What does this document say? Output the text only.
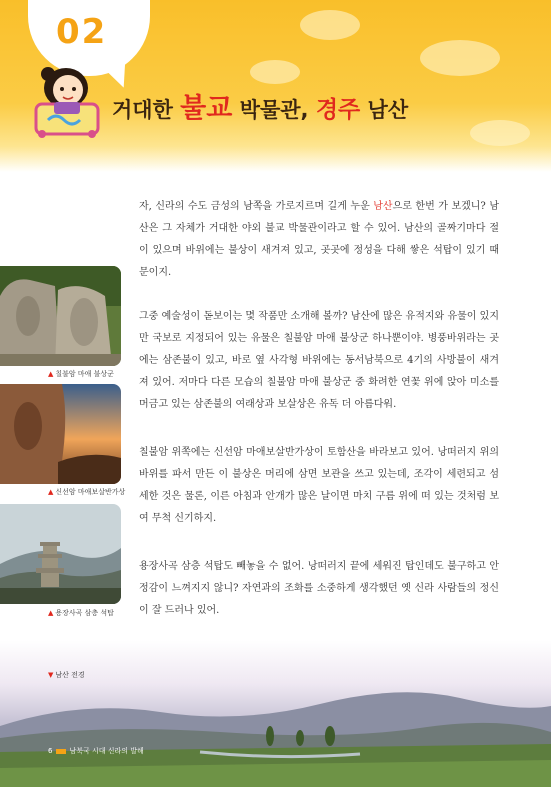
02
거대한 불교 박물관, 경주 남산

자, 신라의 수도 금성의 남쪽을 가로지르며 길게 누운 남산으로 한번 가 보겠니? 남산은 그 자체가 거대한 야외 불교 박물관이라고 할 수 있어. 남산의 골짜기마다 절이 있으며 바위에는 불상이 새겨져 있고, 곳곳에 정성을 다해 쌓은 석탑이 있기 때문이지.

그중 예술성이 돋보이는 몇 작품만 소개해 볼까? 남산에 많은 유적지와 유물이 있지만 국보로 지정되어 있는 유물은 칠불암 마애 불상군 하나뿐이야. 병풍바위라는 곳에는 삼존불이 있고, 바로 옆 사각형 바위에는 동서남북으로 4기의 사방불이 새겨져 있어. 저마다 다른 모습의 칠불암 마애 불상군 중 화려한 연꽃 위에 앉아 미소를 머금고 있는 삼존불의 여래상과 보살상은 유독 더 아름다워.

칠불암 위쪽에는 신선암 마애보살반가상이 토함산을 바라보고 있어. 낭떠러지 위의 바위를 파서 만든 이 불상은 머리에 삼면 보관을 쓰고 있는데, 조각이 세련되고 섬세한 것은 물론, 이른 아침과 안개가 많은 날이면 마치 구름 위에 떠 있는 것처럼 보여 무척 신기하지.

용장사곡 삼층 석탑도 빼놓을 수 없어. 낭떠러지 끝에 세워진 탑인데도 불구하고 안정감이 느껴지지 않니? 자연과의 조화를 소중하게 생각했던 옛 신라 사람들의 정신이 잘 드러나 있어.

▲ 칠불암 마애 불상군
▲ 신선암 마애보살반가상
▲ 용장사곡 삼층 석탑
▼ 남산 전경
6 남북국 시대 신라의 발해
